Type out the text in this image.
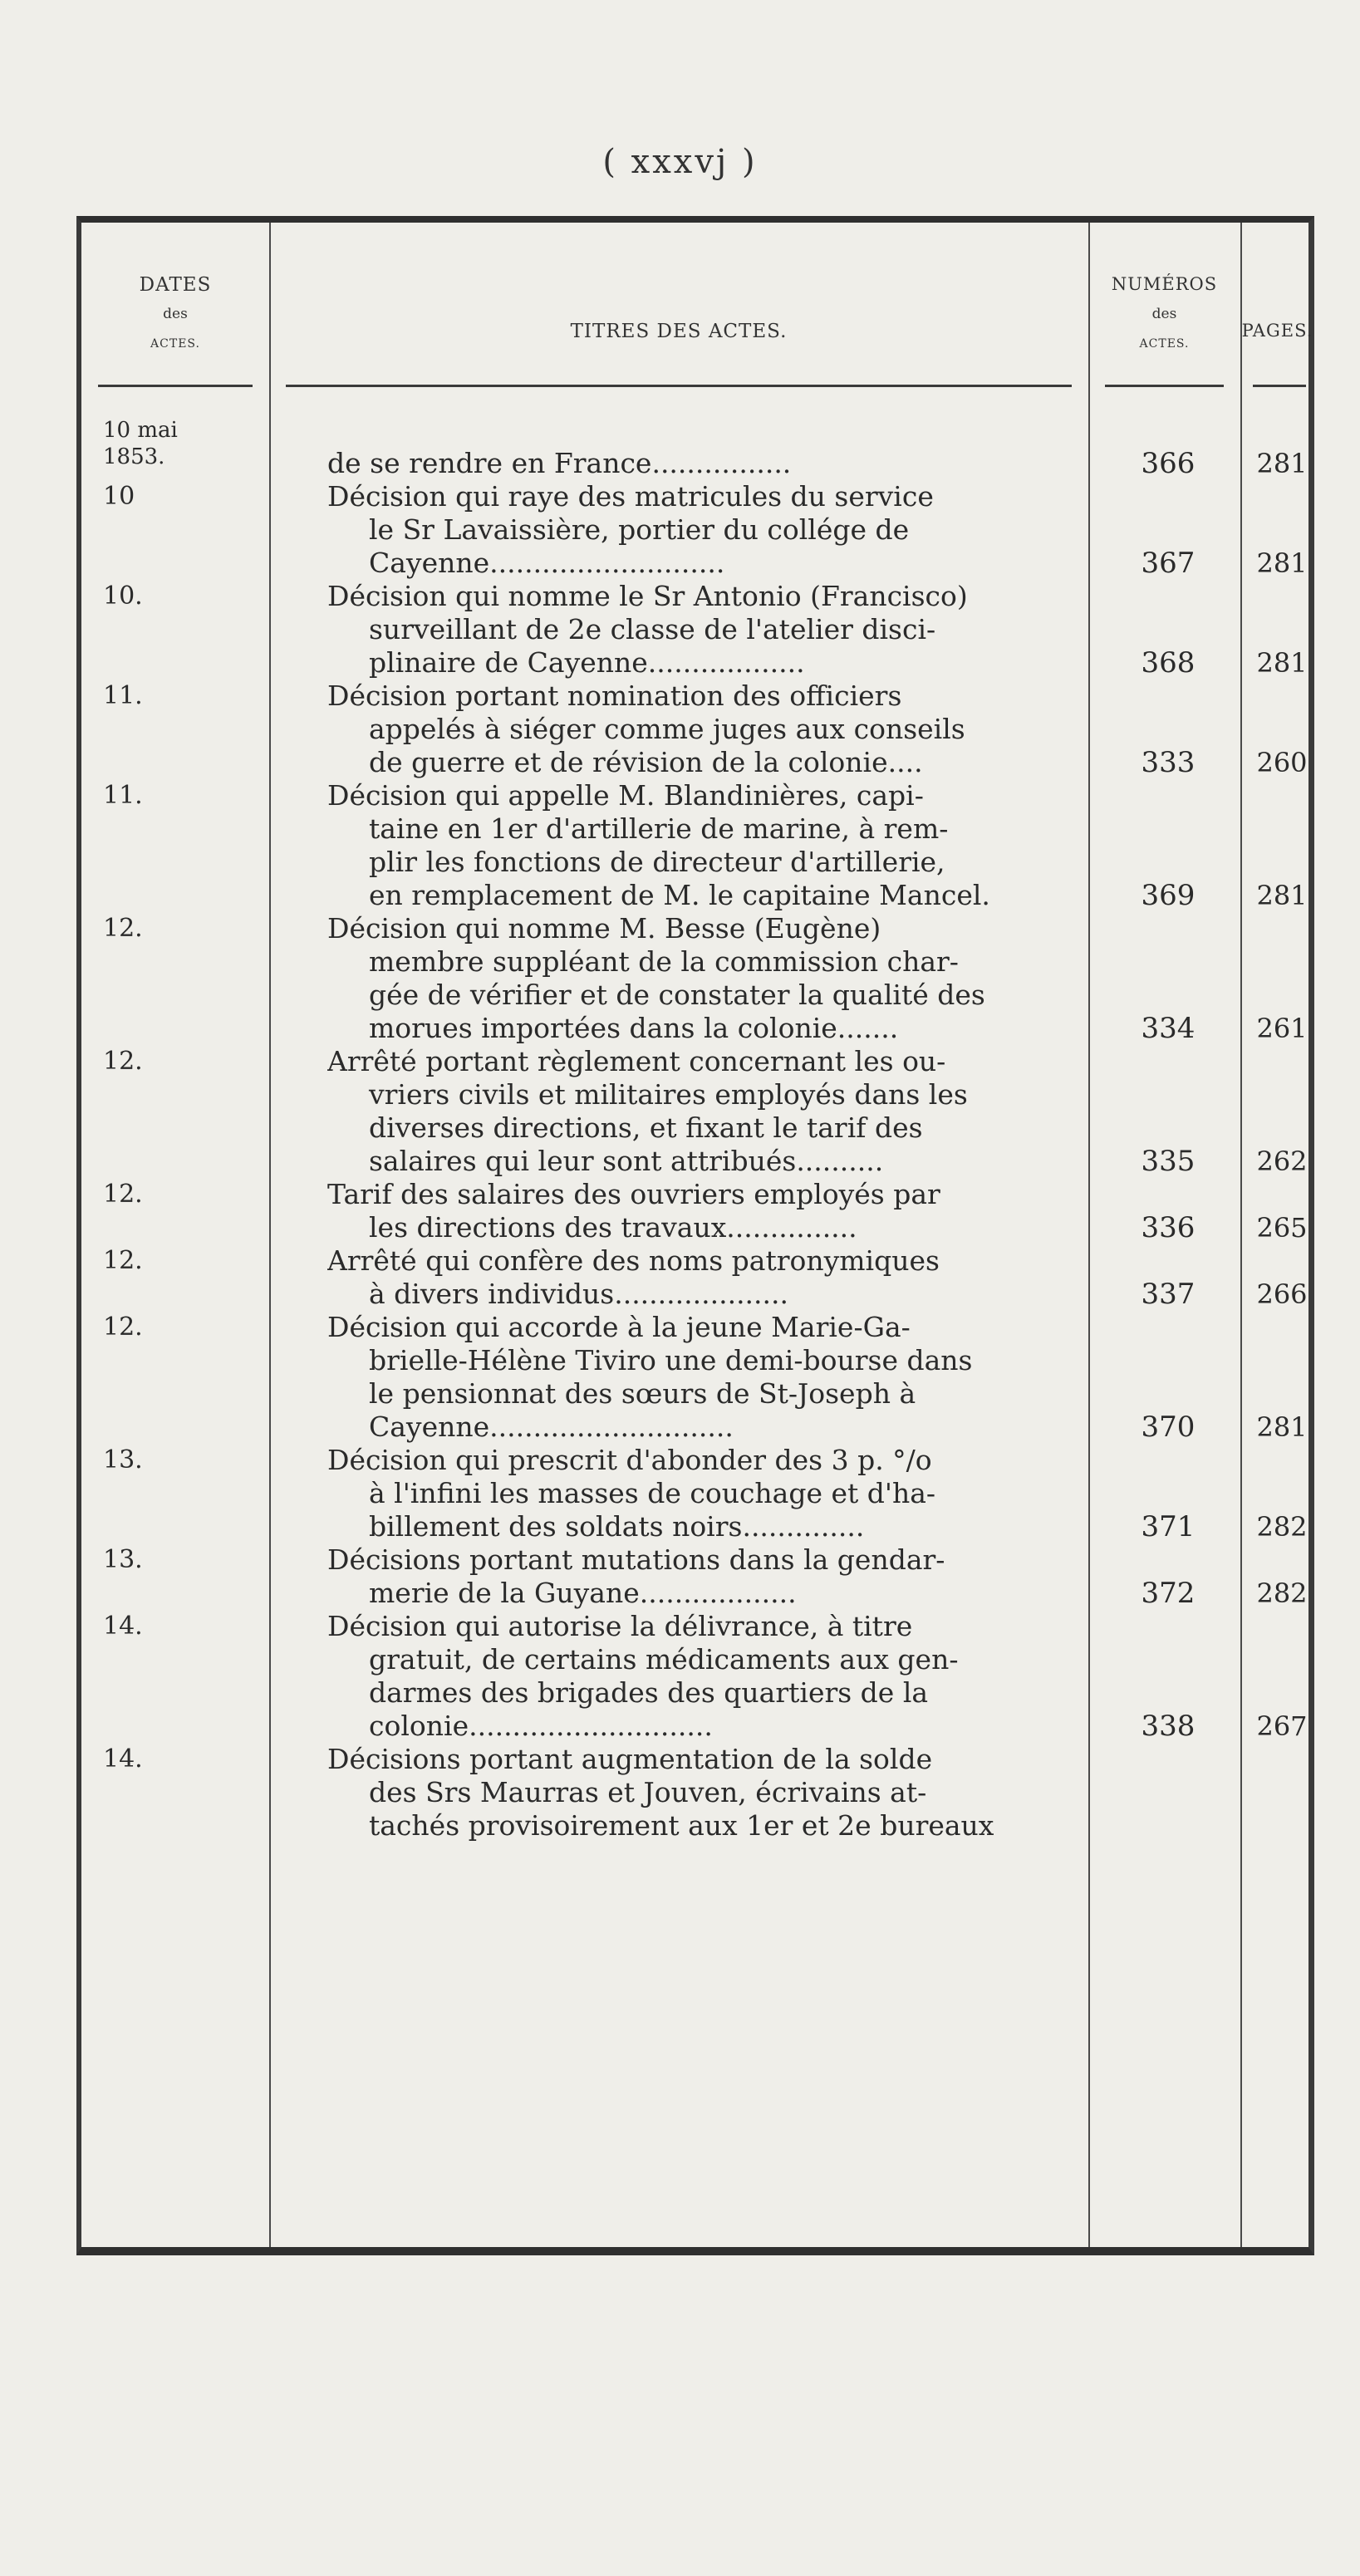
( xxxvj )
DATES
des
ACTES.
TITRES DES ACTES.
NUMÉROS
des
ACTES.
PAGES.
10 mai
1853.	de se rendre en France................	366	281
10	Décision qui raye des matricules du service
le Sr Lavaissière, portier du collége de
Cayenne...........................	367	281
10.	Décision qui nomme le Sr Antonio (Francisco)
surveillant de 2e classe de l'atelier disci-
plinaire de Cayenne..................	368	281
11.	Décision portant nomination des officiers
appelés à siéger comme juges aux conseils
de guerre et de révision de la colonie....	333	260
11.	Décision qui appelle M. Blandinières, capi-
taine en 1er d'artillerie de marine, à rem-
plir les fonctions de directeur d'artillerie,
en remplacement de M. le capitaine Mancel.	369	281
12.	Décision qui nomme M. Besse (Eugène)
membre suppléant de la commission char-
gée de vérifier et de constater la qualité des
morues importées dans la colonie.......	334	261
12.	Arrêté portant règlement concernant les ou-
vriers civils et militaires employés dans les
diverses directions, et fixant le tarif des
salaires qui leur sont attribués..........	335	262
12.	Tarif des salaires des ouvriers employés par
les directions des travaux...............	336	265
12.	Arrêté qui confère des noms patronymiques
à divers individus....................	337	266
12.	Décision qui accorde à la jeune Marie-Ga-
brielle-Hélène Tiviro une demi-bourse dans
le pensionnat des sœurs de St-Joseph à
Cayenne............................	370	281
13.	Décision qui prescrit d'abonder des 3 p. °/o
à l'infini les masses de couchage et d'ha-
billement des soldats noirs..............	371	282
13.	Décisions portant mutations dans la gendar-
merie de la Guyane..................	372	282
14.	Décision qui autorise la délivrance, à titre
gratuit, de certains médicaments aux gen-
darmes des brigades des quartiers de la
colonie............................	338	267
14.	Décisions portant augmentation de la solde
des Srs Maurras et Jouven, écrivains at-
tachés provisoirement aux 1er et 2e bureaux
